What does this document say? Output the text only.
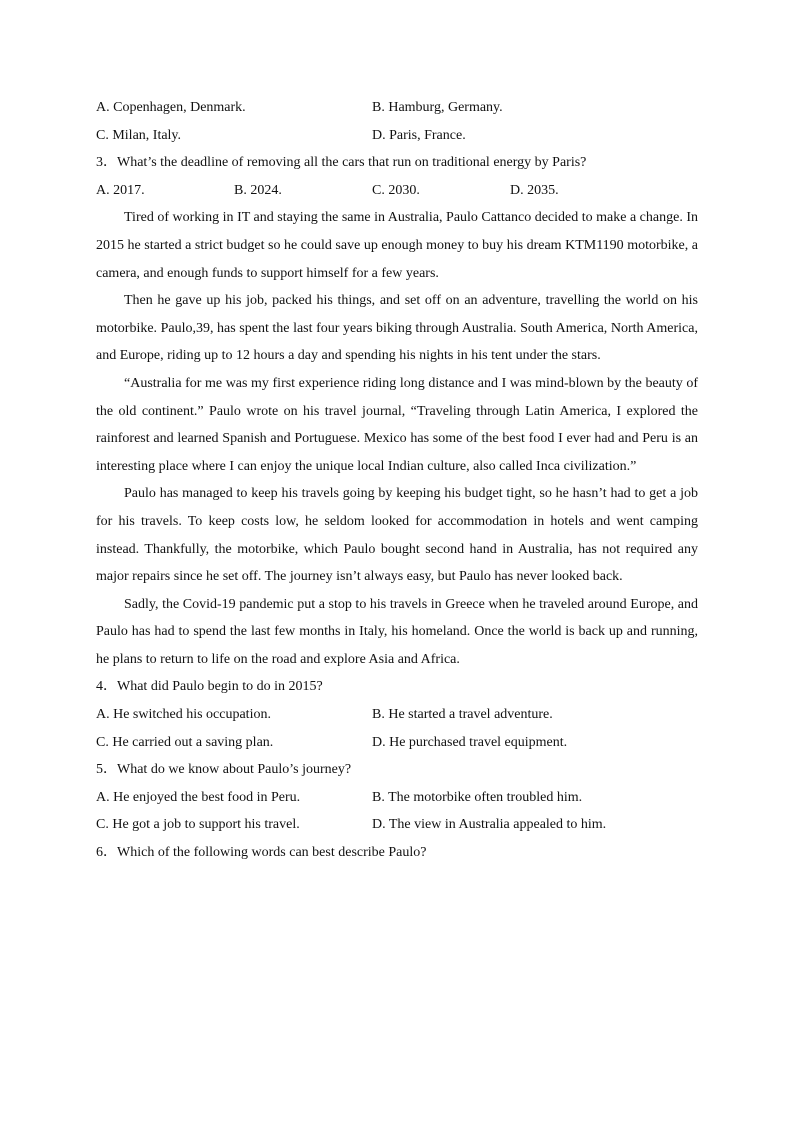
A. Copenhagen, Denmark.	B. Hamburg, Germany.
C. Milan, Italy.	D. Paris, France.
3．What’s the deadline of removing all the cars that run on traditional energy by Paris?
A. 2017.	B. 2024.	C. 2030.	D. 2035.

Tired of working in IT and staying the same in Australia, Paulo Cattanco decided to make a change. In 2015 he started a strict budget so he could save up enough money to buy his dream KTM1190 motorbike, a camera, and enough funds to support himself for a few years.

Then he gave up his job, packed his things, and set off on an adventure, travelling the world on his motorbike. Paulo,39, has spent the last four years biking through Australia. South America, North America, and Europe, riding up to 12 hours a day and spending his nights in his tent under the stars.

“Australia for me was my first experience riding long distance and I was mind-blown by the beauty of the old continent.” Paulo wrote on his travel journal, “Traveling through Latin America, I explored the rainforest and learned Spanish and Portuguese. Mexico has some of the best food I ever had and Peru is an interesting place where I can enjoy the unique local Indian culture, also called Inca civilization.”

Paulo has managed to keep his travels going by keeping his budget tight, so he hasn’t had to get a job for his travels. To keep costs low, he seldom looked for accommodation in hotels and went camping instead. Thankfully, the motorbike, which Paulo bought second hand in Australia, has not required any major repairs since he set off. The journey isn’t always easy, but Paulo has never looked back.

Sadly, the Covid-19 pandemic put a stop to his travels in Greece when he traveled around Europe, and Paulo has had to spend the last few months in Italy, his homeland. Once the world is back up and running, he plans to return to life on the road and explore Asia and Africa.

4．What did Paulo begin to do in 2015?
A. He switched his occupation.	B. He started a travel adventure.
C. He carried out a saving plan.	D. He purchased travel equipment.
5．What do we know about Paulo’s journey?
A. He enjoyed the best food in Peru.	B. The motorbike often troubled him.
C. He got a job to support his travel.	D. The view in Australia appealed to him.
6．Which of the following words can best describe Paulo?
